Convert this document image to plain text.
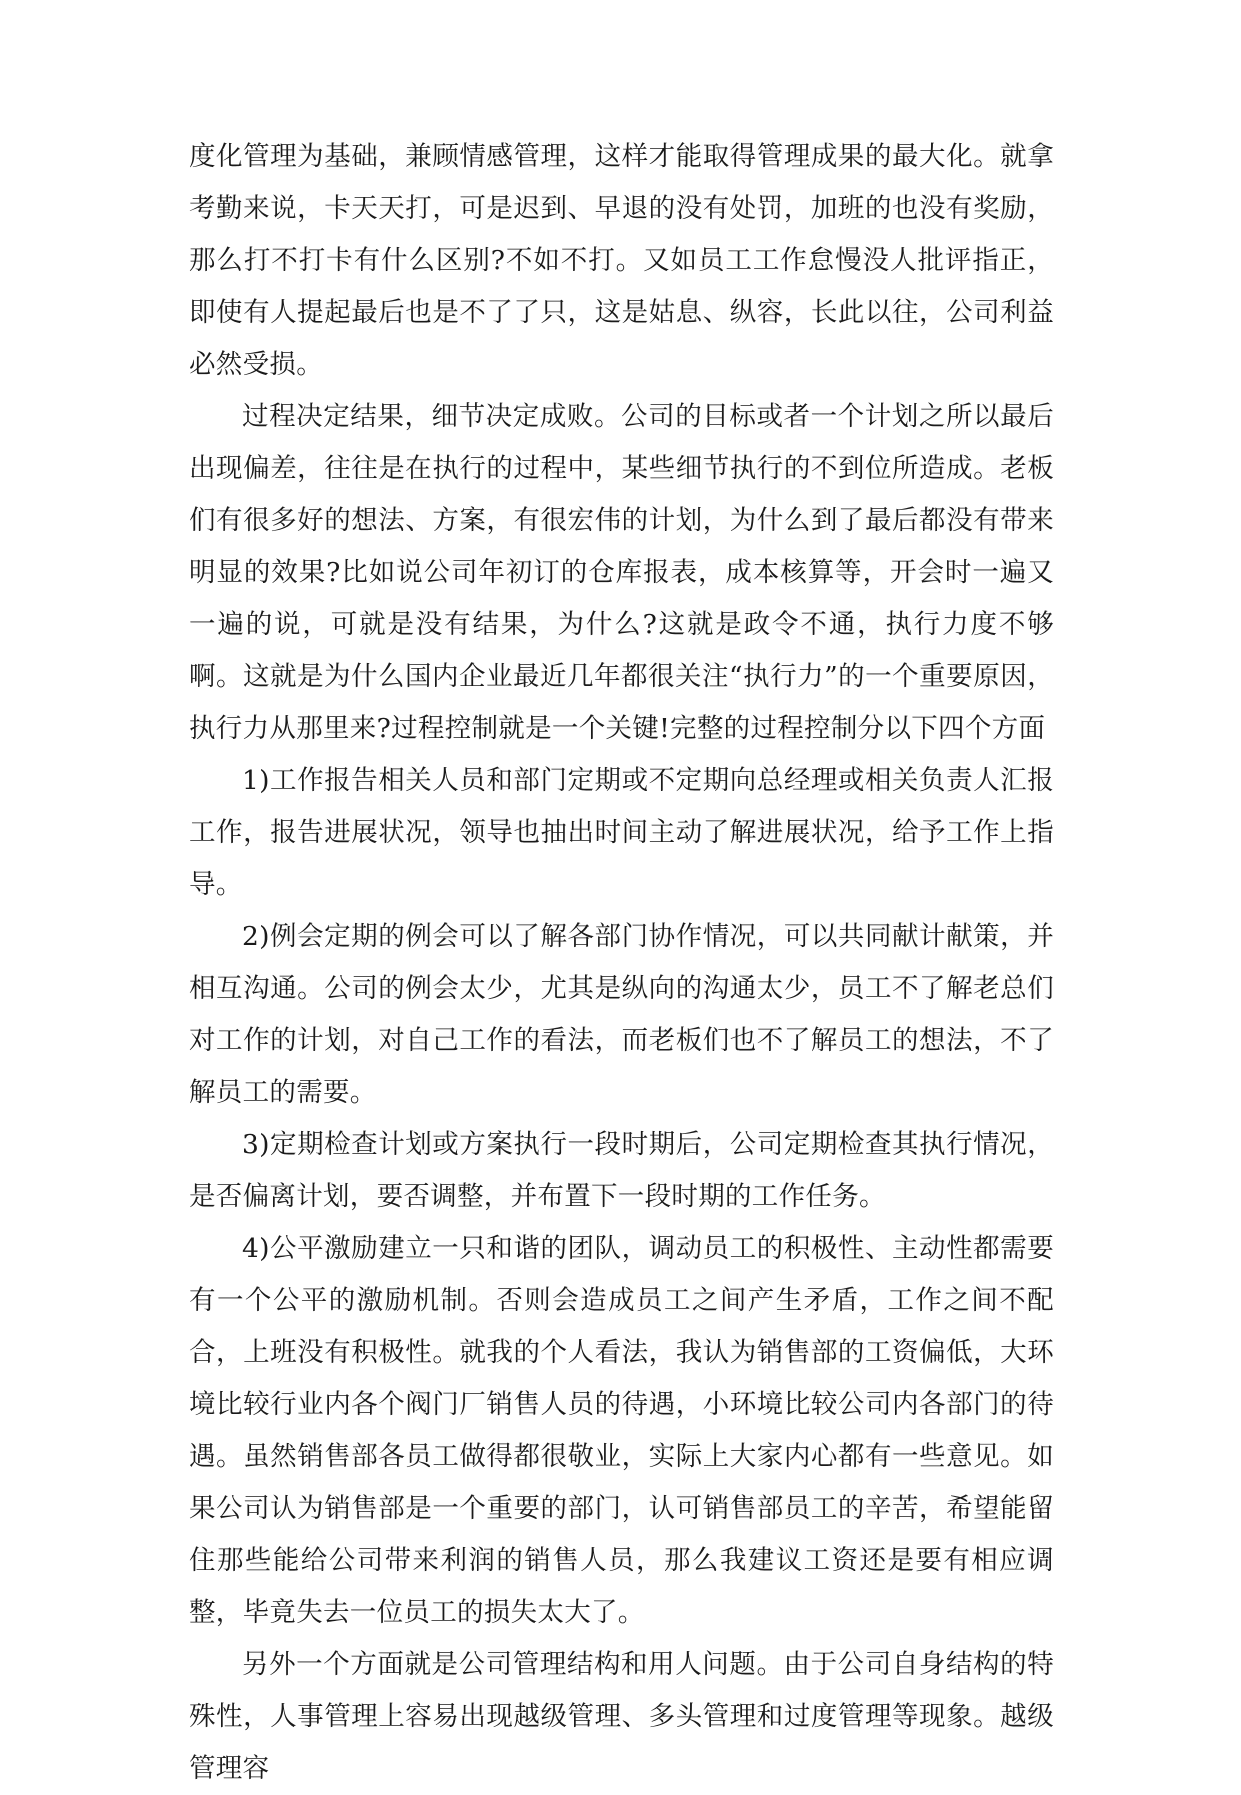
度化管理为基础，兼顾情感管理，这样才能取得管理成果的最大化。就拿考勤来说，卡天天打，可是迟到、早退的没有处罚，加班的也没有奖励，那么打不打卡有什么区别?不如不打。又如员工工作怠慢没人批评指正，即使有人提起最后也是不了了只，这是姑息、纵容，长此以往，公司利益必然受损。

过程决定结果，细节决定成败。公司的目标或者一个计划之所以最后出现偏差，往往是在执行的过程中，某些细节执行的不到位所造成。老板们有很多好的想法、方案，有很宏伟的计划，为什么到了最后都没有带来明显的效果?比如说公司年初订的仓库报表，成本核算等，开会时一遍又一遍的说，可就是没有结果，为什么?这就是政令不通，执行力度不够啊。这就是为什么国内企业最近几年都很关注“执行力”的一个重要原因，执行力从那里来?过程控制就是一个关键!完整的过程控制分以下四个方面

1)工作报告相关人员和部门定期或不定期向总经理或相关负责人汇报工作，报告进展状况，领导也抽出时间主动了解进展状况，给予工作上指导。

2)例会定期的例会可以了解各部门协作情况，可以共同献计献策，并相互沟通。公司的例会太少，尤其是纵向的沟通太少，员工不了解老总们对工作的计划，对自己工作的看法，而老板们也不了解员工的想法，不了解员工的需要。

3)定期检查计划或方案执行一段时期后，公司定期检查其执行情况，是否偏离计划，要否调整，并布置下一段时期的工作任务。

4)公平激励建立一只和谐的团队，调动员工的积极性、主动性都需要有一个公平的激励机制。否则会造成员工之间产生矛盾，工作之间不配合，上班没有积极性。就我的个人看法，我认为销售部的工资偏低，大环境比较行业内各个阀门厂销售人员的待遇，小环境比较公司内各部门的待遇。虽然销售部各员工做得都很敬业，实际上大家内心都有一些意见。如果公司认为销售部是一个重要的部门，认可销售部员工的辛苦，希望能留住那些能给公司带来利润的销售人员，那么我建议工资还是要有相应调整，毕竟失去一位员工的损失太大了。

另外一个方面就是公司管理结构和用人问题。由于公司自身结构的特殊性，人事管理上容易出现越级管理、多头管理和过度管理等现象。越级管理容
